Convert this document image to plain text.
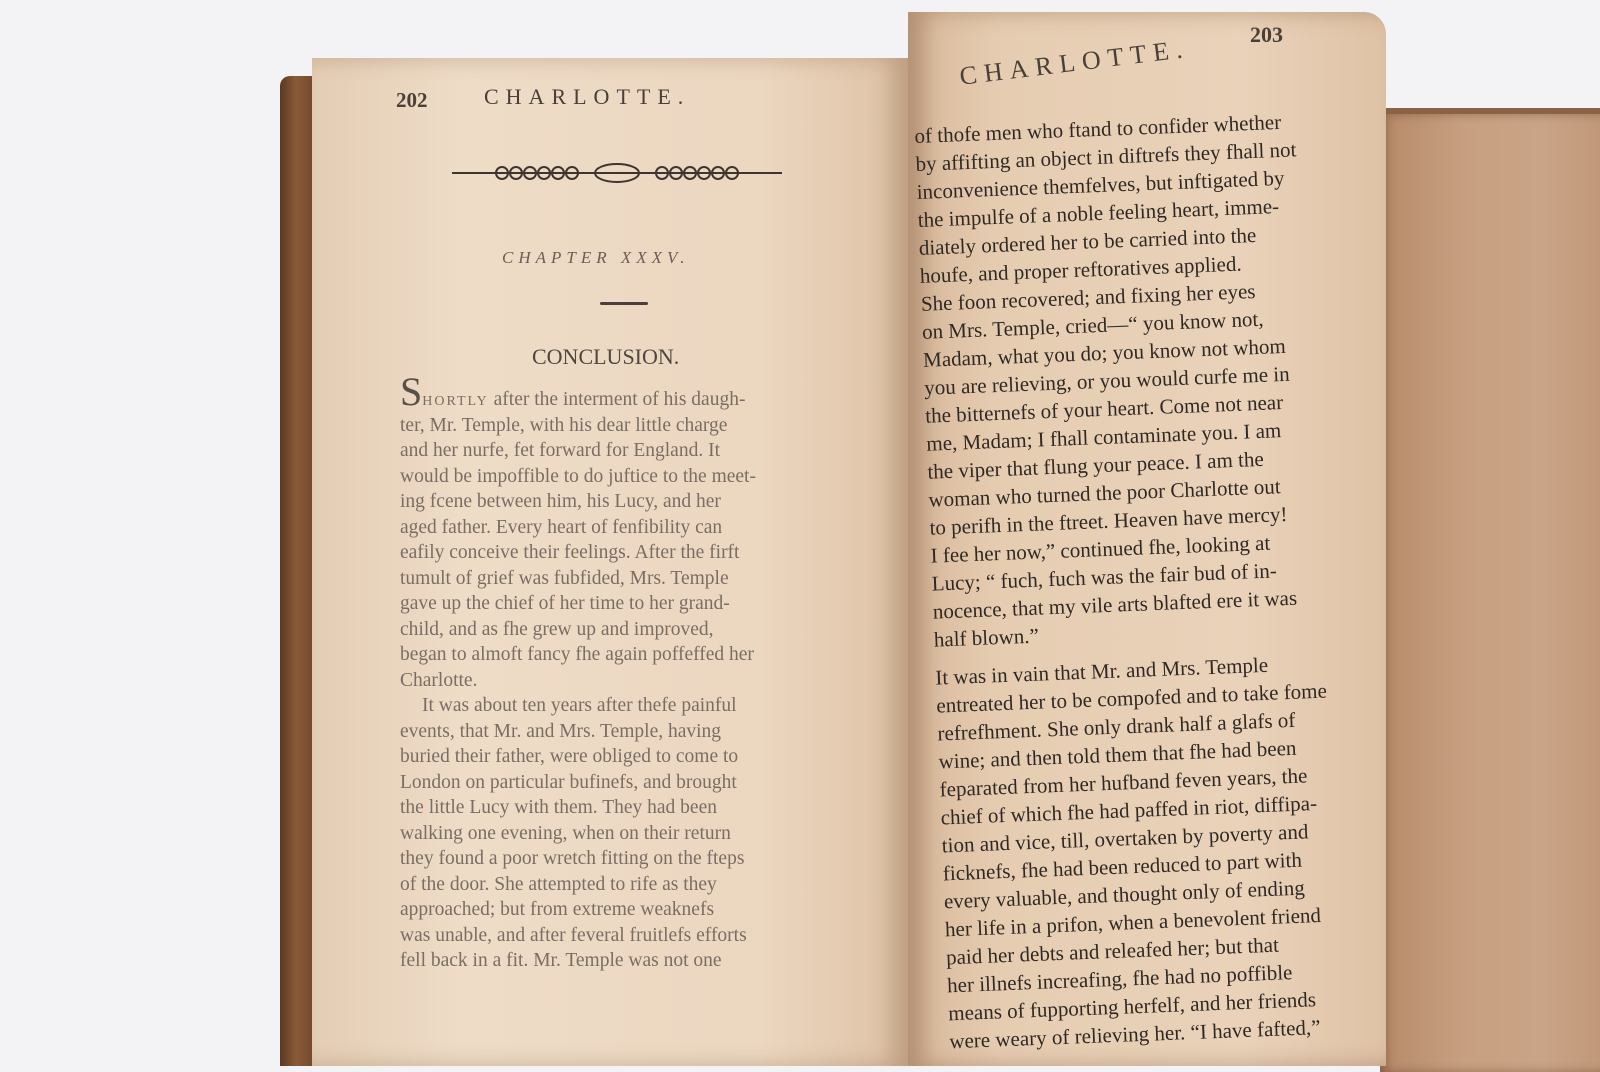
202	CHARLOTTE.
CHAPTER XXXV.
CONCLUSION.
Shortly after the interment of his daugh-
ter, Mr. Temple, with his dear little charge
and her nurfe, fet forward for England. It
would be impoffible to do juftice to the meet-
ing fcene between him, his Lucy, and her
aged father. Every heart of fenfibility can
eafily conceive their feelings. After the firft
tumult of grief was fubfided, Mrs. Temple
gave up the chief of her time to her grand-
child, and as fhe grew up and improved,
began to almoft fancy fhe again poffeffed her
Charlotte.
It was about ten years after thefe painful
events, that Mr. and Mrs. Temple, having
buried their father, were obliged to come to
London on particular bufinefs, and brought
the little Lucy with them. They had been
walking one evening, when on their return
they found a poor wretch fitting on the fteps
of the door. She attempted to rife as they
approached; but from extreme weaknefs
was unable, and after feveral fruitlefs efforts
fell back in a fit. Mr. Temple was not one
CHARLOTTE.	203
of thofe men who ftand to confider whether
by affifting an object in diftrefs they fhall not
inconvenience themfelves, but inftigated by
the impulfe of a noble feeling heart, imme-
diately ordered her to be carried into the
houfe, and proper reftoratives applied.
She foon recovered; and fixing her eyes
on Mrs. Temple, cried—“ you know not,
Madam, what you do; you know not whom
you are relieving, or you would curfe me in
the bitternefs of your heart. Come not near
me, Madam; I fhall contaminate you. I am
the viper that flung your peace. I am the
woman who turned the poor Charlotte out
to perifh in the ftreet. Heaven have mercy!
I fee her now,” continued fhe, looking at
Lucy; “ fuch, fuch was the fair bud of in-
nocence, that my vile arts blafted ere it was
half blown.”
It was in vain that Mr. and Mrs. Temple
entreated her to be compofed and to take fome
refrefhment. She only drank half a glafs of
wine; and then told them that fhe had been
feparated from her hufband feven years, the
chief of which fhe had paffed in riot, diffipa-
tion and vice, till, overtaken by poverty and
ficknefs, fhe had been reduced to part with
every valuable, and thought only of ending
her life in a prifon, when a benevolent friend
paid her debts and releafed her; but that
her illnefs increafing, fhe had no poffible
means of fupporting herfelf, and her friends
were weary of relieving her. “I have fafted,”
